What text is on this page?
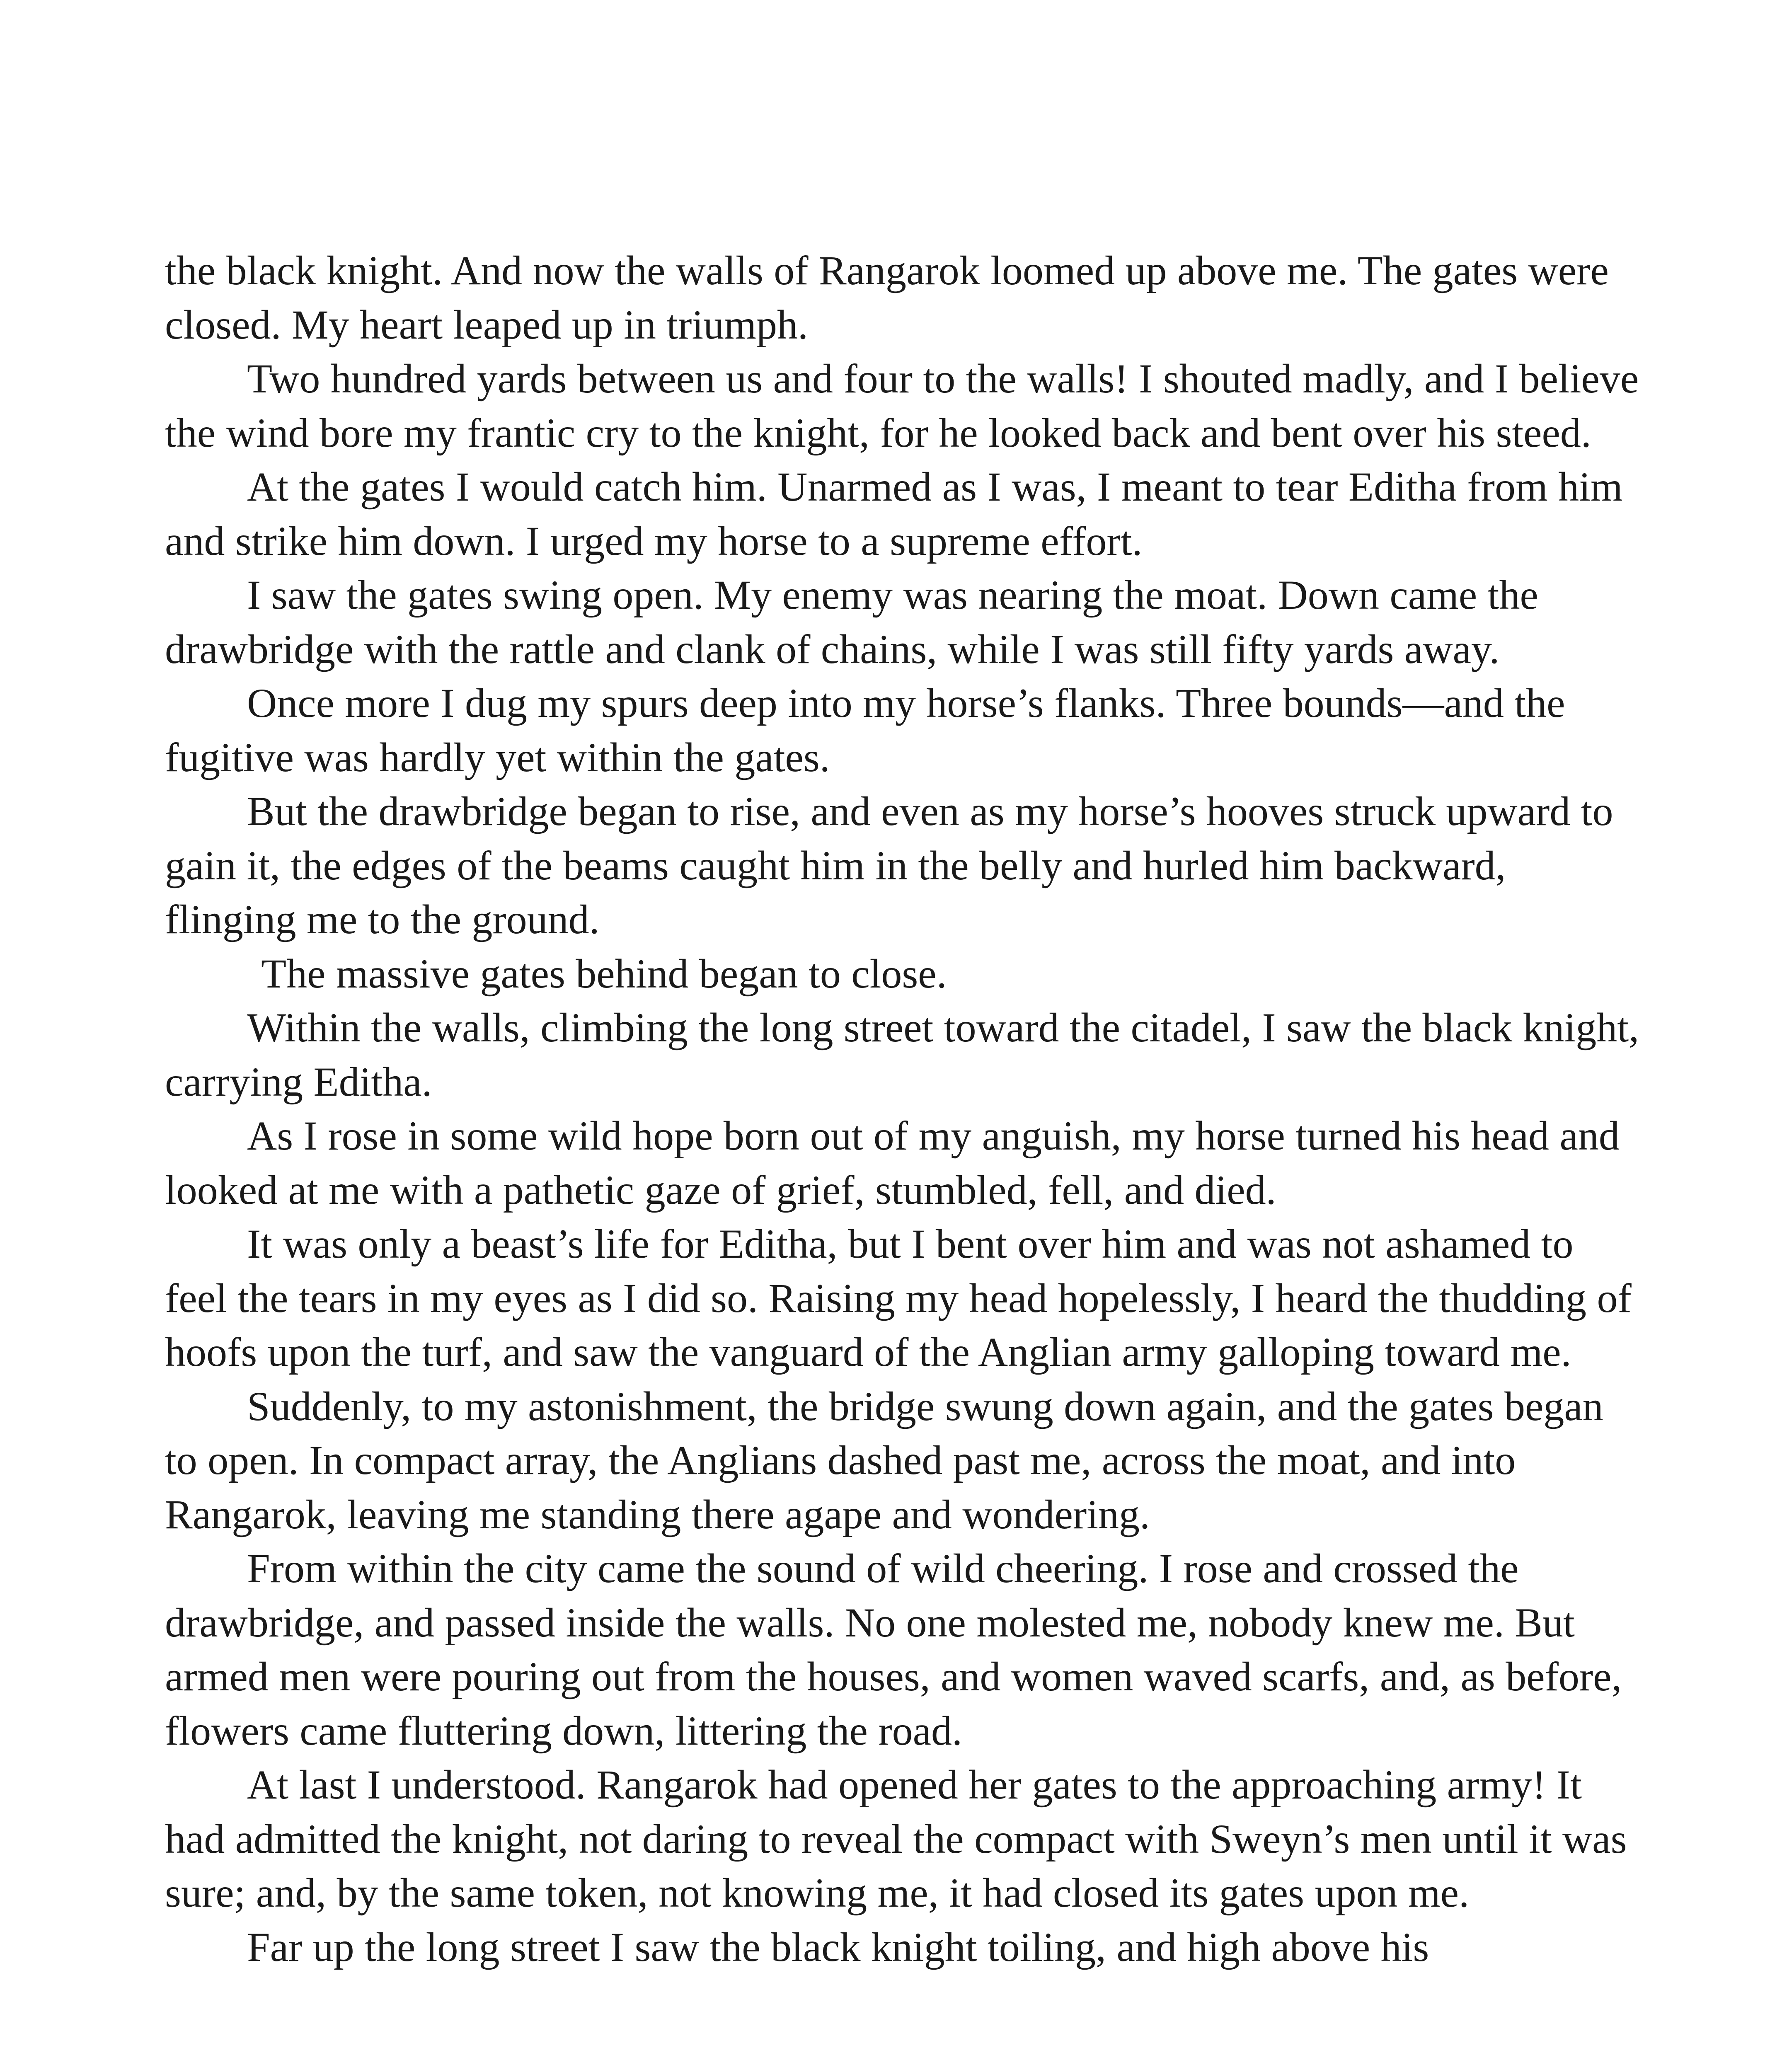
the black knight. And now the walls of Rangarok loomed up above me. The gates were closed. My heart leaped up in triumph.

Two hundred yards between us and four to the walls! I shouted madly, and I believe the wind bore my frantic cry to the knight, for he looked back and bent over his steed.

At the gates I would catch him. Unarmed as I was, I meant to tear Editha from him and strike him down. I urged my horse to a supreme effort.

I saw the gates swing open. My enemy was nearing the moat. Down came the drawbridge with the rattle and clank of chains, while I was still fifty yards away.

Once more I dug my spurs deep into my horse’s flanks. Three bounds—and the fugitive was hardly yet within the gates.

But the drawbridge began to rise, and even as my horse’s hooves struck upward to gain it, the edges of the beams caught him in the belly and hurled him backward, flinging me to the ground.

The massive gates behind began to close.

Within the walls, climbing the long street toward the citadel, I saw the black knight, carrying Editha.

As I rose in some wild hope born out of my anguish, my horse turned his head and looked at me with a pathetic gaze of grief, stumbled, fell, and died.

It was only a beast’s life for Editha, but I bent over him and was not ashamed to feel the tears in my eyes as I did so. Raising my head hopelessly, I heard the thudding of hoofs upon the turf, and saw the vanguard of the Anglian army galloping toward me.

Suddenly, to my astonishment, the bridge swung down again, and the gates began to open. In compact array, the Anglians dashed past me, across the moat, and into Rangarok, leaving me standing there agape and wondering.

From within the city came the sound of wild cheering. I rose and crossed the drawbridge, and passed inside the walls. No one molested me, nobody knew me. But armed men were pouring out from the houses, and women waved scarfs, and, as before, flowers came fluttering down, littering the road.

At last I understood. Rangarok had opened her gates to the approaching army! It had admitted the knight, not daring to reveal the compact with Sweyn’s men until it was sure; and, by the same token, not knowing me, it had closed its gates upon me.

Far up the long street I saw the black knight toiling, and high above his
